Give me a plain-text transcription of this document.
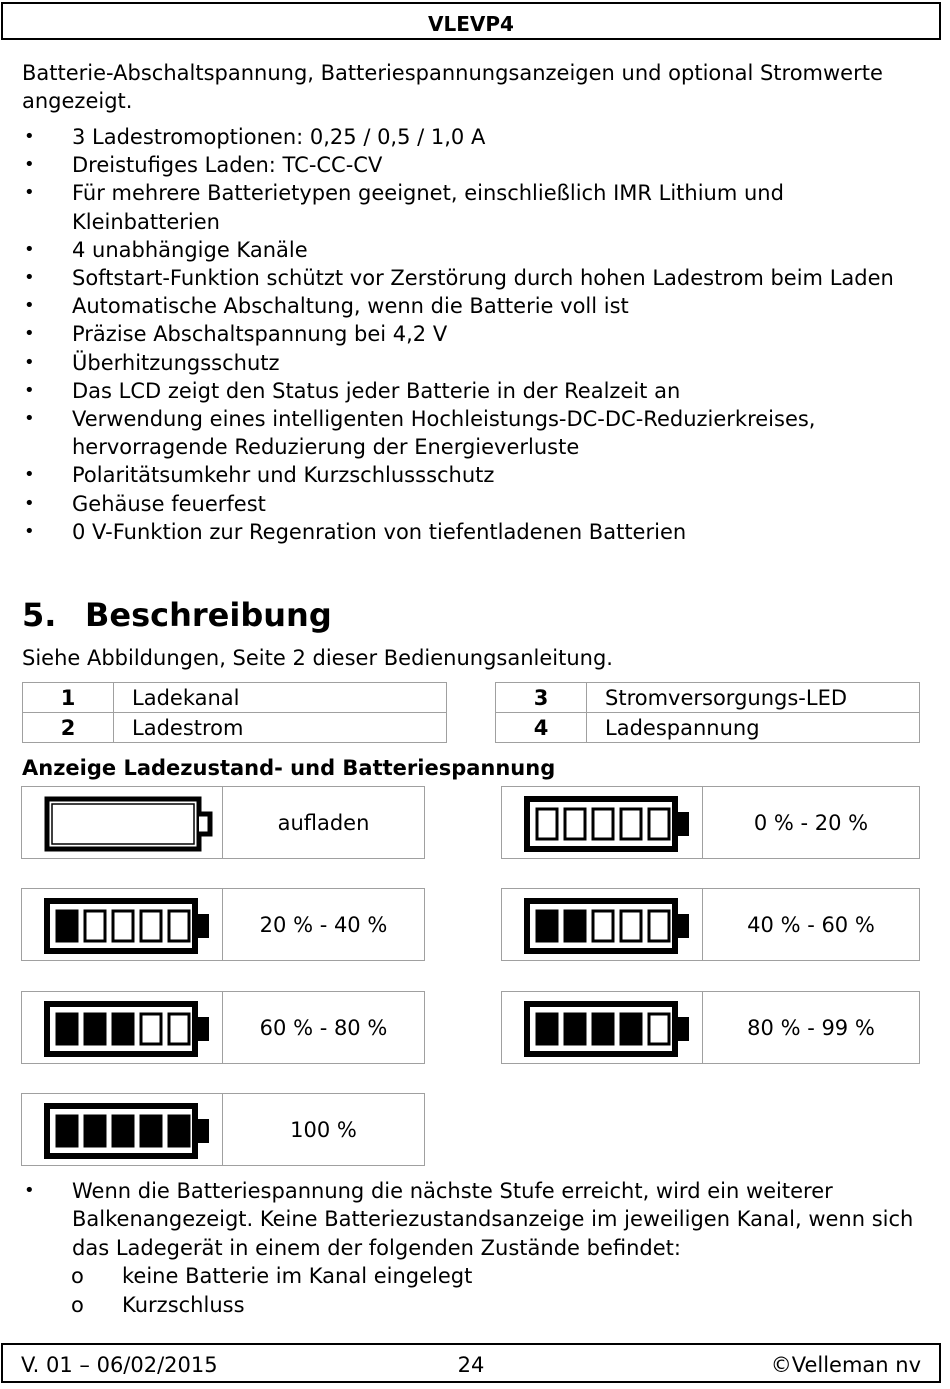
VLEVP4

Batterie-Abschaltspannung, Batteriespannungsanzeigen und optional Stromwerte angezeigt.

• 3 Ladestromoptionen: 0,25 / 0,5 / 1,0 A
• Dreistufiges Laden: TC-CC-CV
• Für mehrere Batterietypen geeignet, einschließlich IMR Lithium und Kleinbatterien
• 4 unabhängige Kanäle
• Softstart-Funktion schützt vor Zerstörung durch hohen Ladestrom beim Laden
• Automatische Abschaltung, wenn die Batterie voll ist
• Präzise Abschaltspannung bei 4,2 V
• Überhitzungsschutz
• Das LCD zeigt den Status jeder Batterie in der Realzeit an
• Verwendung eines intelligenten Hochleistungs-DC-DC-Reduzierkreises, hervorragende Reduzierung der Energieverluste
• Polaritätsumkehr und Kurzschlussschutz
• Gehäuse feuerfest
• 0 V-Funktion zur Regenration von tiefentladenen Batterien
5. Beschreibung

Siehe Abbildungen, Seite 2 dieser Bedienungsanleitung.

1	Ladekanal
2	Ladestrom
3	Stromversorgungs-LED
4	Ladespannung
Anzeige Ladezustand- und Batteriespannung
aufladen	0 % - 20 %
20 % - 40 %	40 % - 60 %
60 % - 80 %	80 % - 99 %
100 %
• Wenn die Batteriespannung die nächste Stufe erreicht, wird ein weiterer Balkenangezeigt. Keine Batteriezustandsanzeige im jeweiligen Kanal, wenn sich das Ladegerät in einem der folgenden Zustände befindet:
o keine Batterie im Kanal eingelegt
o Kurzschluss
V. 01 – 06/02/2015	24	©Velleman nv
